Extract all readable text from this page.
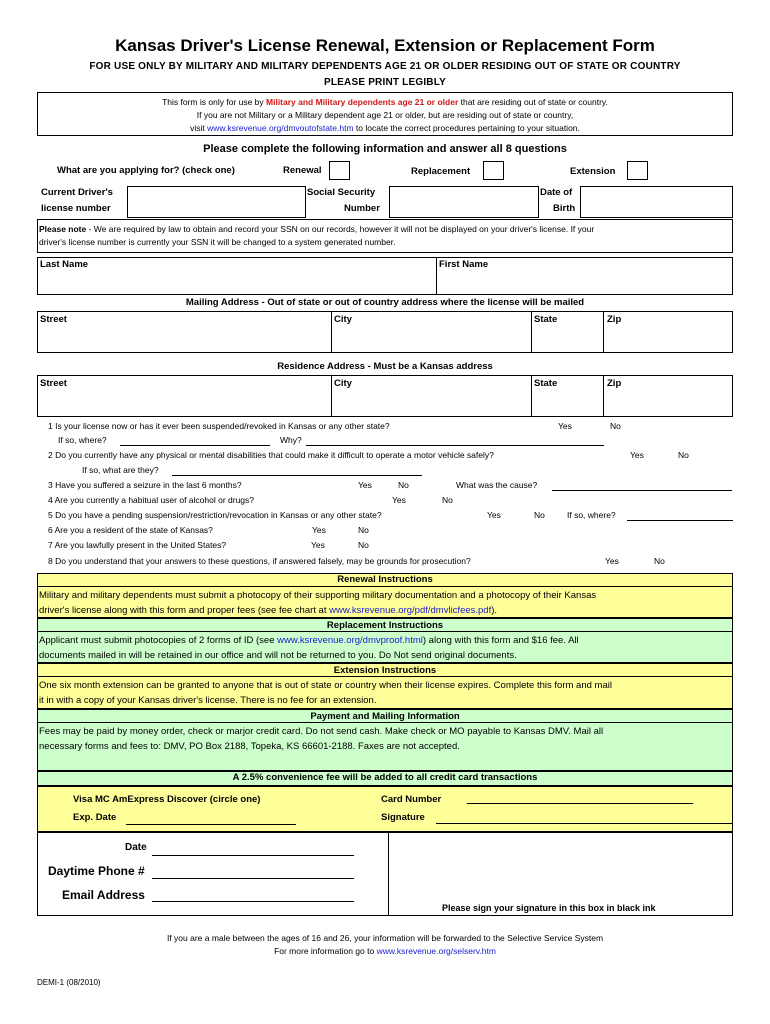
Kansas Driver's License Renewal, Extension or Replacement Form
FOR USE ONLY BY MILITARY AND MILITARY DEPENDENTS AGE 21 OR OLDER RESIDING OUT OF STATE OR COUNTRY
PLEASE PRINT LEGIBLY
This form is only for use by Military and Military dependents age 21 or older that are residing out of state or country.
If you are not Military or a Military dependent age 21 or older, but are residing out of state or country,
visit www.ksrevenue.org/dmvoutofstate.htm to locate the correct procedures pertaining to your situation.
Please complete the following information and answer all 8 questions
What are you applying for? (check one)	Renewal	Replacement	Extension
Current Driver's
license number
Social Security
Number
Date of
Birth
Please note - We are required by law to obtain and record your SSN on our records, however it will not be displayed on your driver's license. If your
driver's license number is currently your SSN it will be changed to a system generated number.
Last Name	First Name
Mailing Address - Out of state or out of country address where the license will be mailed
Street	City	State	Zip
Residence Address - Must be a Kansas address
Street	City	State	Zip
1 Is your license now or has it ever been suspended/revoked in Kansas or any other state?	Yes	No
If so, where?	Why?
2 Do you currently have any physical or mental disabilities that could make it difficult to operate a motor vehicle safely?	Yes	No
If so, what are they?
3 Have you suffered a seizure in the last 6 months?	Yes	No	What was the cause?
4 Are you currently a habitual user of alcohol or drugs?	Yes	No
5 Do you have a pending suspension/restriction/revocation in Kansas or any other state?	Yes	No	If so, where?
6 Are you a resident of the state of Kansas?	Yes	No
7 Are you lawfully present in the United States?	Yes	No
8 Do you understand that your answers to these questions, if answered falsely, may be grounds for prosecution?	Yes	No
Renewal Instructions
Military and military dependents must submit a photocopy of their supporting military documentation and a photocopy of their Kansas
driver's license along with this form and proper fees (see fee chart at www.ksrevenue.org/pdf/dmvlicfees.pdf).
Replacement Instructions
Applicant must submit photocopies of 2 forms of ID (see www.ksrevenue.org/dmvproof.html) along with this form and $16 fee. All
documents mailed in will be retained in our office and will not be returned to you. Do Not send original documents.
Extension Instructions
One six month extension can be granted to anyone that is out of state or country when their license expires. Complete this form and mail
it in with a copy of your Kansas driver's license. There is no fee for an extension.
Payment and Mailing Information
Fees may be paid by money order, check or marjor credit card. Do not send cash. Make check or MO payable to Kansas DMV. Mail all
necessary forms and fees to: DMV, PO Box 2188, Topeka, KS 66601-2188. Faxes are not accepted.
A 2.5% convenience fee will be added to all credit card transactions
Visa MC AmExpress Discover (circle one)
Exp. Date
Card Number
Signature
Date
Daytime Phone #
Email Address
Please sign your signature in this box in black ink
If you are a male between the ages of 16 and 26, your information will be forwarded to the Selective Service System
For more information go to www.ksrevenue.org/selserv.htm
DEMI-1 (08/2010)
